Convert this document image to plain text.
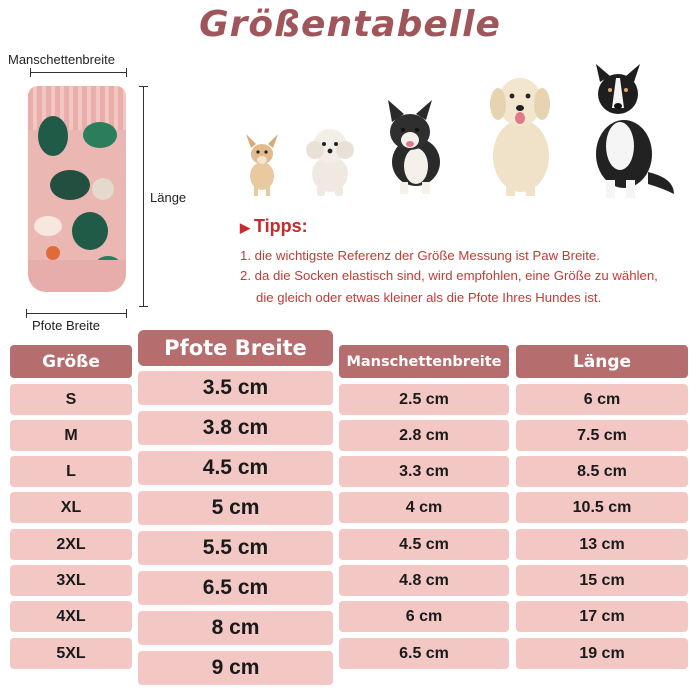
Größentabelle
Manschettenbreite
Länge
Pfote Breite
▶ Tipps:
1. die wichtigste Referenz der Größe Messung ist Paw Breite.
2. da die Socken elastisch sind, wird empfohlen, eine Größe zu wählen,
die gleich oder etwas kleiner als die Pfote Ihres Hundes ist.
Größe
S
M
L
XL
2XL
3XL
4XL
5XL
Pfote Breite
3.5 cm
3.8 cm
4.5 cm
5 cm
5.5 cm
6.5 cm
8 cm
9 cm
Manschettenbreite
2.5 cm
2.8 cm
3.3 cm
4 cm
4.5 cm
4.8 cm
6 cm
6.5 cm
Länge
6 cm
7.5 cm
8.5 cm
10.5 cm
13 cm
15 cm
17 cm
19 cm
